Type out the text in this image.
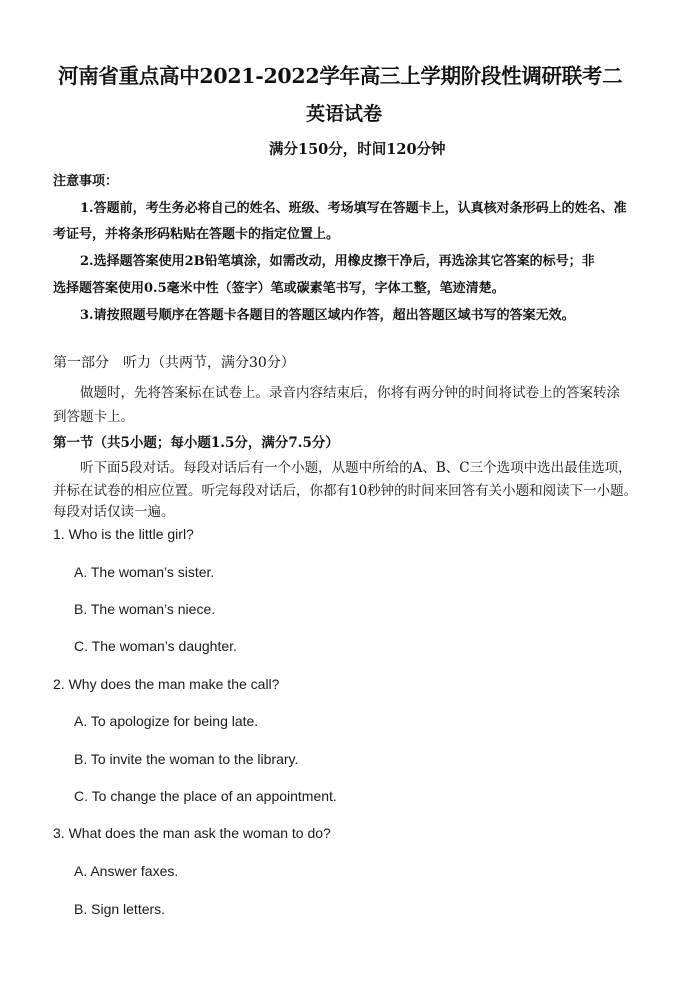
河南省重点高中2021-2022学年高三上学期阶段性调研联考二
英语试卷
满分150分，时间120分钟
注意事项：
1.答题前，考生务必将自己的姓名、班级、考场填写在答题卡上，认真核对条形码上的姓名、准
考证号，并将条形码粘贴在答题卡的指定位置上。
2.选择题答案使用2B铅笔填涂，如需改动，用橡皮擦干净后，再选涂其它答案的标号；非
选择题答案使用0.5毫米中性（签字）笔或碳素笔书写，字体工整，笔迹清楚。
3.请按照题号顺序在答题卡各题目的答题区域内作答，超出答题区域书写的答案无效。
第一部分　听力（共两节，满分30分）
做题时，先将答案标在试卷上。录音内容结束后，你将有两分钟的时间将试卷上的答案转涂
到答题卡上。
第一节（共5小题；每小题1.5分，满分7.5分）
听下面5段对话。每段对话后有一个小题，从题中所给的A、B、C三个选项中选出最佳选项，
并标在试卷的相应位置。听完每段对话后，你都有10秒钟的时间来回答有关小题和阅读下一小题。
每段对话仅读一遍。
1. Who is the little girl?
A. The woman’s sister.
B. The woman’s niece.
C. The woman’s daughter.
2. Why does the man make the call?
A. To apologize for being late.
B. To invite the woman to the library.
C. To change the place of an appointment.
3. What does the man ask the woman to do?
A. Answer faxes.
B. Sign letters.
